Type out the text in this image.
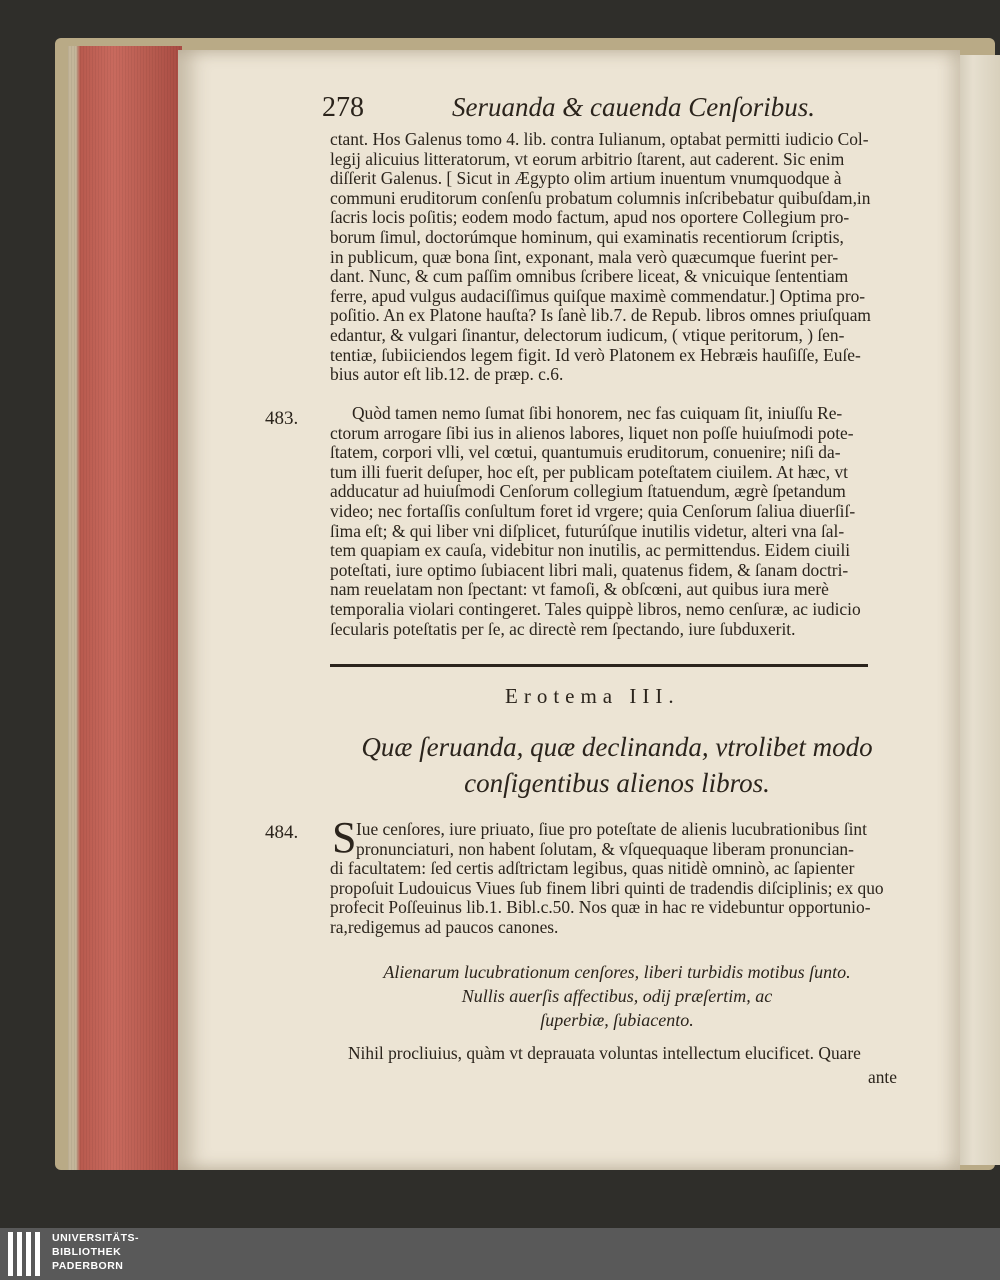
278	Seruanda & cauenda Cenſoribus.
ctant. Hos Galenus tomo 4. lib. contra Iulianum, optabat permitti iudicio Col-
legij alicuius litteratorum, vt eorum arbitrio ſtarent, aut caderent. Sic enim
diſſerit Galenus. [ Sicut in Ægypto olim artium inuentum vnumquodque à
communi eruditorum conſenſu probatum columnis inſcribebatur quibuſdam,in
ſacris locis poſitis; eodem modo factum, apud nos oportere Collegium pro-
borum ſimul, doctorúmque hominum, qui examinatis recentiorum ſcriptis,
in publicum, quæ bona ſint, exponant, mala verò quæcumque fuerint per-
dant. Nunc, & cum paſſim omnibus ſcribere liceat, & vnicuique ſententiam
ferre, apud vulgus audaciſſimus quiſque maximè commendatur.] Optima pro-
poſitio. An ex Platone hauſta? Is ſanè lib.7. de Repub. libros omnes priuſquam
edantur, & vulgari ſinantur, delectorum iudicum, ( vtique peritorum, ) ſen-
tentiæ, ſubiiciendos legem figit. Id verò Platonem ex Hebræis hauſiſſe, Euſe-
bius autor eſt lib.12. de præp. c.6.
483.	Quòd tamen nemo ſumat ſibi honorem, nec fas cuiquam ſit, iniuſſu Re-
ctorum arrogare ſibi ius in alienos labores, liquet non poſſe huiuſmodi pote-
ſtatem, corpori vlli, vel cœtui, quantumuis eruditorum, conuenire; niſi da-
tum illi fuerit deſuper, hoc eſt, per publicam poteſtatem ciuilem. At hæc, vt
adducatur ad huiuſmodi Cenſorum collegium ſtatuendum, ægrè ſpetandum
video; nec fortaſſis conſultum foret id vrgere; quia Cenſorum ſaliua diuerſiſ-
ſima eſt; & qui liber vni diſplicet, futurúſque inutilis videtur, alteri vna ſal-
tem quapiam ex cauſa, videbitur non inutilis, ac permittendus. Eidem ciuili
poteſtati, iure optimo ſubiacent libri mali, quatenus fidem, & ſanam doctri-
nam reuelatam non ſpectant: vt famoſi, & obſcœni, aut quibus iura merè
temporalia violari contingeret. Tales quippè libros, nemo cenſuræ, ac iudicio
ſecularis poteſtatis per ſe, ac directè rem ſpectando, iure ſubduxerit.
Erotema III.
Quæ ſeruanda, quæ declinanda, vtrolibet modo
conſigentibus alienos libros.
484. S Iue cenſores, iure priuato, ſiue pro poteſtate de alienis lucubrationibus ſint
pronunciaturi, non habent ſolutam, & vſquequaque liberam pronuncian-
di facultatem: ſed certis adſtrictam legibus, quas nitidè omninò, ac ſapienter
propoſuit Ludouicus Viues ſub finem libri quinti de tradendis diſciplinis; ex quo
profecit Poſſeuinus lib.1. Bibl.c.50. Nos quæ in hac re videbuntur opportunio-
ra,redigemus ad paucos canones.
Alienarum lucubrationum cenſores, liberi turbidis motibus ſunto.
Nullis auerſis affectibus, odij præſertim, ac
ſuperbiæ, ſubiacento.
Nihil procliuius, quàm vt deprauata voluntas intellectum elucificet. Quare
ante
UNIVERSITÄTS-
BIBLIOTHEK
PADERBORN
